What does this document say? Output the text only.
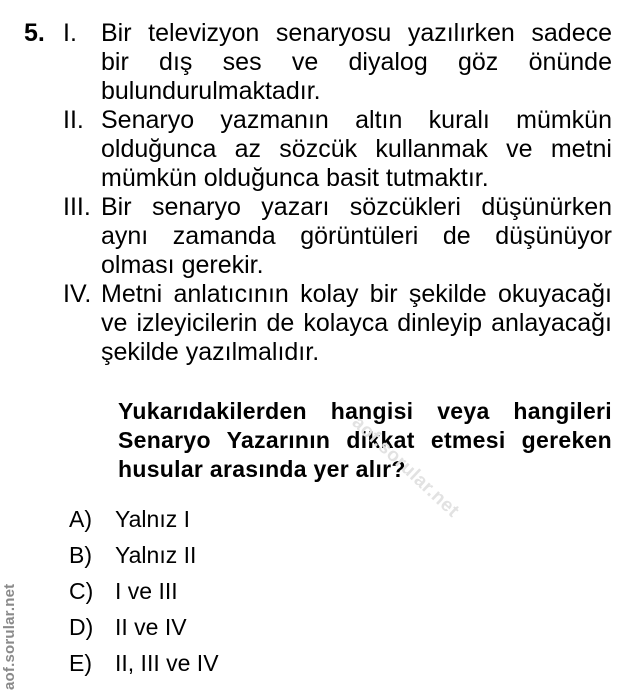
5. I. Bir televizyon senaryosu yazılırken sadece
bir dış ses ve diyalog göz önünde
bulundurulmaktadır.
II. Senaryo yazmanın altın kuralı mümkün
olduğunca az sözcük kullanmak ve metni
mümkün olduğunca basit tutmaktır.
III. Bir senaryo yazarı sözcükleri düşünürken
aynı zamanda görüntüleri de düşünüyor
olması gerekir.
IV. Metni anlatıcının kolay bir şekilde okuyacağı
ve izleyicilerin de kolayca dinleyip anlayacağı
şekilde yazılmalıdır.
Yukarıdakilerden hangisi veya hangileri
Senaryo Yazarının dikkat etmesi gereken
husular arasında yer alır?
A) Yalnız I
B) Yalnız II
C) I ve III
D) II ve IV
E) II, III ve IV
aof.sorular.net
aof.sorular.net
